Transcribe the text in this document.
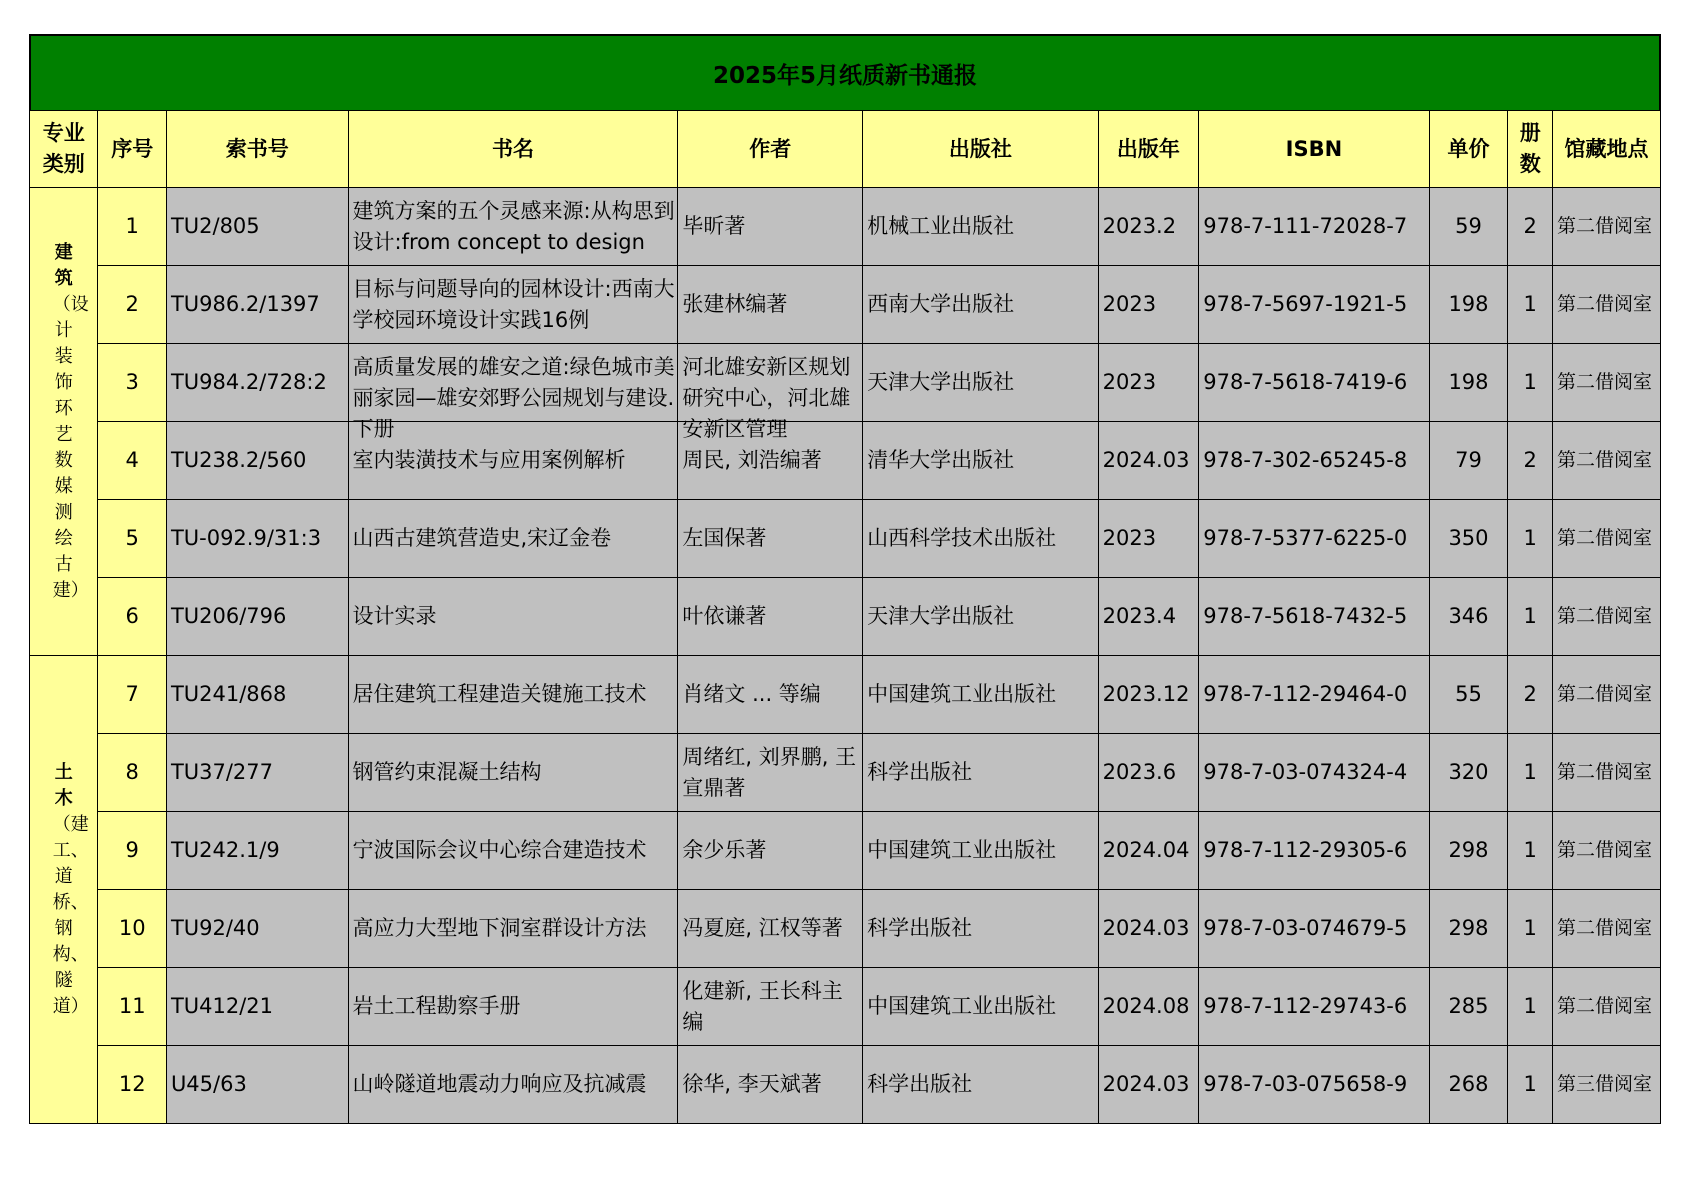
2025年5月纸质新书通报
专业类别	序号	索书号	书名	作者	出版社	出版年	ISBN	单价	册数	馆藏地点

建筑
（设计装饰环艺数媒测绘古建）	1	TU2/805	建筑方案的五个灵感来源:从构思到设计:from concept to design	毕昕著	机械工业出版社	2023.2	978-7-111-72028-7	59	2	第二借阅室
	2	TU986.2/1397	目标与问题导向的园林设计:西南大学校园环境设计实践16例	张建林编著	西南大学出版社	2023	978-7-5697-1921-5	198	1	第二借阅室
	3	TU984.2/728:2	高质量发展的雄安之道:绿色城市美丽家园—雄安郊野公园规划与建设.下册	河北雄安新区规划研究中心，河北雄安新区管理	天津大学出版社	2023	978-7-5618-7419-6	198	1	第二借阅室
	4	TU238.2/560	室内装潢技术与应用案例解析	周民, 刘浩编著	清华大学出版社	2024.03	978-7-302-65245-8	79	2	第二借阅室
	5	TU-092.9/31:3	山西古建筑营造史,宋辽金卷	左国保著	山西科学技术出版社	2023	978-7-5377-6225-0	350	1	第二借阅室
	6	TU206/796	设计实录	叶依谦著	天津大学出版社	2023.4	978-7-5618-7432-5	346	1	第二借阅室

土木
（建工、道桥、钢构、隧道）	7	TU241/868	居住建筑工程建造关键施工技术	肖绪文 ... 等编	中国建筑工业出版社	2023.12	978-7-112-29464-0	55	2	第二借阅室
	8	TU37/277	钢管约束混凝土结构	周绪红, 刘界鹏, 王宣鼎著	科学出版社	2023.6	978-7-03-074324-4	320	1	第二借阅室
	9	TU242.1/9	宁波国际会议中心综合建造技术	余少乐著	中国建筑工业出版社	2024.04	978-7-112-29305-6	298	1	第二借阅室
	10	TU92/40	高应力大型地下洞室群设计方法	冯夏庭, 江权等著	科学出版社	2024.03	978-7-03-074679-5	298	1	第二借阅室
	11	TU412/21	岩土工程勘察手册	化建新, 王长科主编	中国建筑工业出版社	2024.08	978-7-112-29743-6	285	1	第二借阅室
	12	U45/63	山岭隧道地震动力响应及抗减震	徐华, 李天斌著	科学出版社	2024.03	978-7-03-075658-9	268	1	第三借阅室
